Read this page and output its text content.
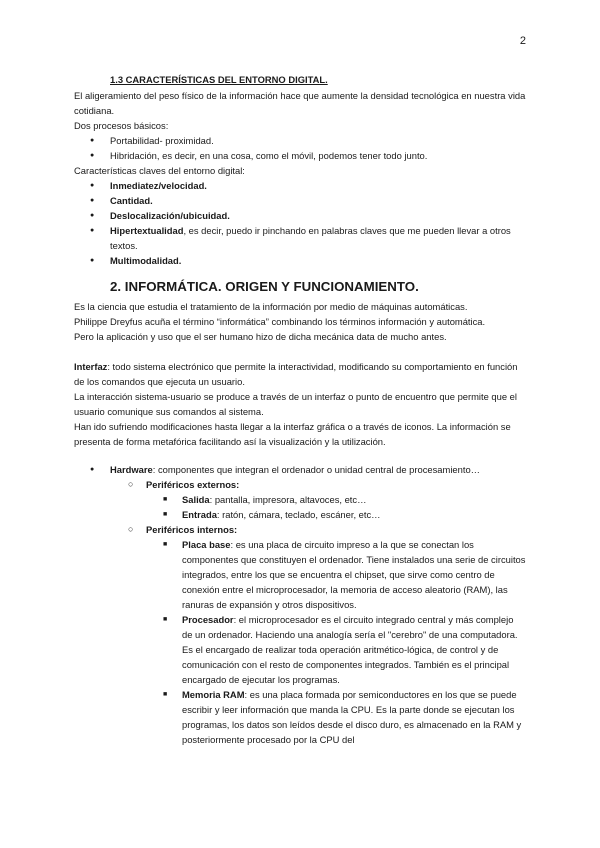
2

1.3 CARACTERÍSTICAS DEL ENTORNO DIGITAL.

El aligeramiento del peso físico de la información hace que aumente la densidad tecnológica en nuestra vida cotidiana.

Dos procesos básicos:

● Portabilidad- proximidad.
● Hibridación, es decir, en una cosa, como el móvil, podemos tener todo junto.

Características claves del entorno digital:

● Inmediatez/velocidad.
● Cantidad.
● Deslocalización/ubicuidad.
● Hipertextualidad, es decir, puedo ir pinchando en palabras claves que me pueden llevar a otros textos.
● Multimodalidad.

2. INFORMÁTICA. ORIGEN Y FUNCIONAMIENTO.

Es la ciencia que estudia el tratamiento de la información por medio de máquinas automáticas.

Philippe Dreyfus acuña el término “informática” combinando los términos información y automática.

Pero la aplicación y uso que el ser humano hizo de dicha mecánica data de mucho antes.

Interfaz: todo sistema electrónico que permite la interactividad, modificando su comportamiento en función de los comandos que ejecuta un usuario.

La interacción sistema-usuario se produce a través de un interfaz o punto de encuentro que permite que el usuario comunique sus comandos al sistema.

Han ido sufriendo modificaciones hasta llegar a la interfaz gráfica o a través de iconos. La información se presenta de forma metafórica facilitando así la visualización y la utilización.

● Hardware: componentes que integran el ordenador o unidad central de procesamiento…
○ Periféricos externos:
■ Salida: pantalla, impresora, altavoces, etc…
■ Entrada: ratón, cámara, teclado, escáner, etc…
○ Periféricos internos:
■ Placa base: es una placa de circuito impreso a la que se conectan los componentes que constituyen el ordenador. Tiene instalados una serie de circuitos integrados, entre los que se encuentra el chipset, que sirve como centro de conexión entre el microprocesador, la memoria de acceso aleatorio (RAM), las ranuras de expansión y otros dispositivos.
■ Procesador: el microprocesador es el circuito integrado central y más complejo de un ordenador. Haciendo una analogía sería el "cerebro" de una computadora. Es el encargado de realizar toda operación aritmético-lógica, de control y de comunicación con el resto de componentes integrados. También es el principal encargado de ejecutar los programas.
■ Memoria RAM: es una placa formada por semiconductores en los que se puede escribir y leer información que manda la CPU. Es la parte donde se ejecutan los programas, los datos son leídos desde el disco duro, es almacenado en la RAM y posteriormente procesado por la CPU del
